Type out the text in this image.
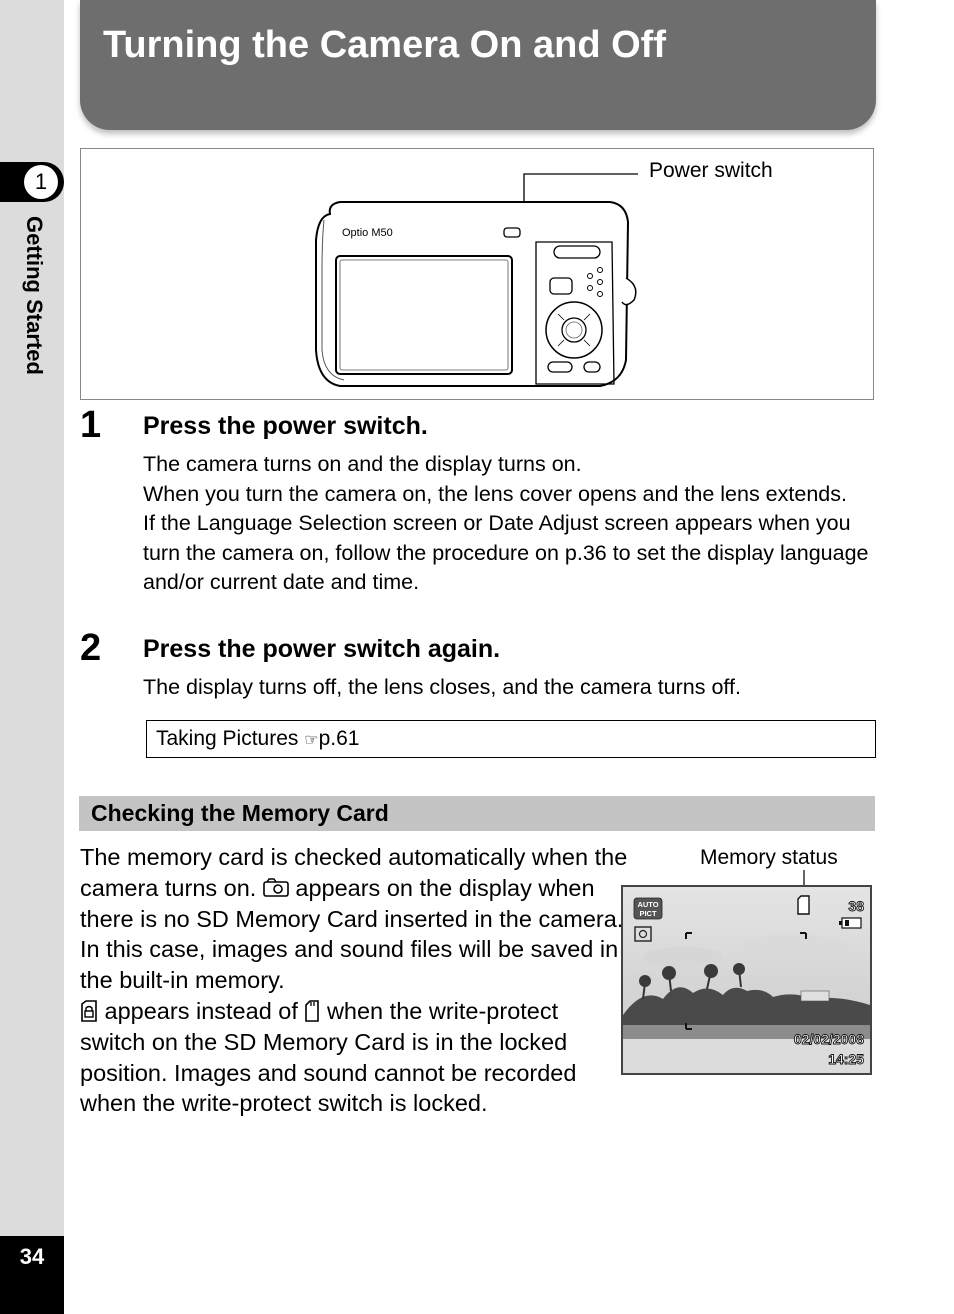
1
Getting Started
34
Turning the Camera On and Off
Optio M50
Power switch
1 Press the power switch.
The camera turns on and the display turns on.
When you turn the camera on, the lens cover opens and the lens extends.
If the Language Selection screen or Date Adjust screen appears when you turn the camera on, follow the procedure on p.36 to set the display language and/or current date and time.
2 Press the power switch again.
The display turns off, the lens closes, and the camera turns off.
Taking Pictures ☞p.61
Checking the Memory Card
The memory card is checked automatically when the camera turns on.  appears on the display when there is no SD Memory Card inserted in the camera. In this case, images and sound files will be saved in the built-in memory.
appears instead of  when the write-protect switch on the SD Memory Card is in the locked position. Images and sound cannot be recorded when the write-protect switch is locked.
Memory status
AUTO
PICT	38
02/02/2008
14:25
